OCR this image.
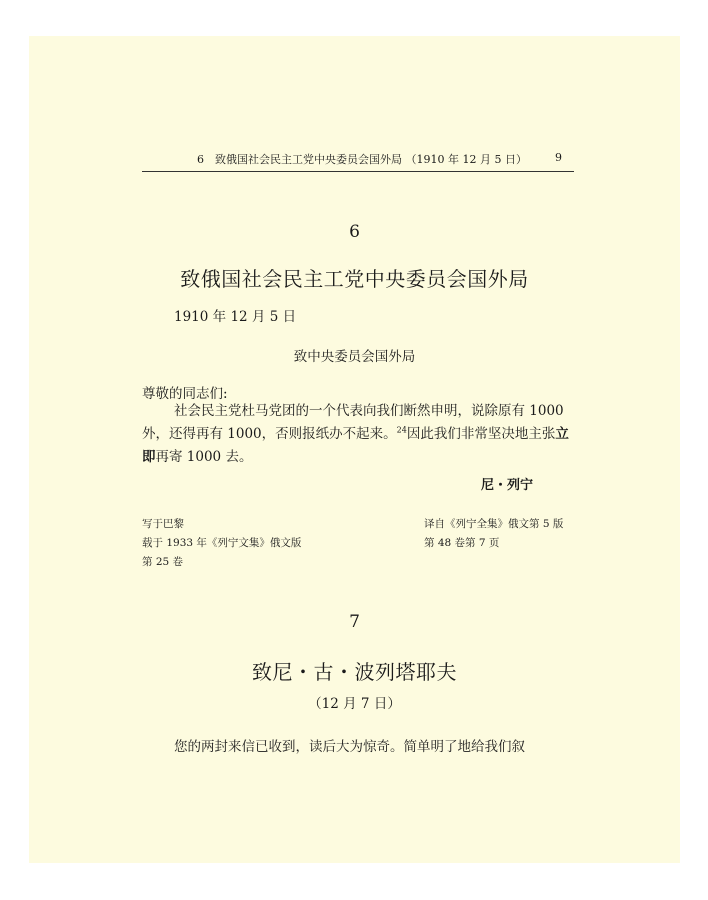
6　致俄国社会民主工党中央委员会国外局 （1910 年 12 月 5 日）	9
6
致俄国社会民主工党中央委员会国外局
1910 年 12 月 5 日
致中央委员会国外局
尊敬的同志们:
社会民主党杜马党团的一个代表向我们断然申明，说除原有 1000 外，还得再有 1000，否则报纸办不起来。$^{24}$因此我们非常坚决地主张立即再寄 1000 去。
尼・列宁
写于巴黎
载于 1933 年《列宁文集》俄文版
第 25 卷
译自《列宁全集》俄文第 5 版
第 48 卷第 7 页
7
致尼・古・波列塔耶夫
（12 月 7 日）
您的两封来信已收到，读后大为惊奇。简单明了地给我们叙
